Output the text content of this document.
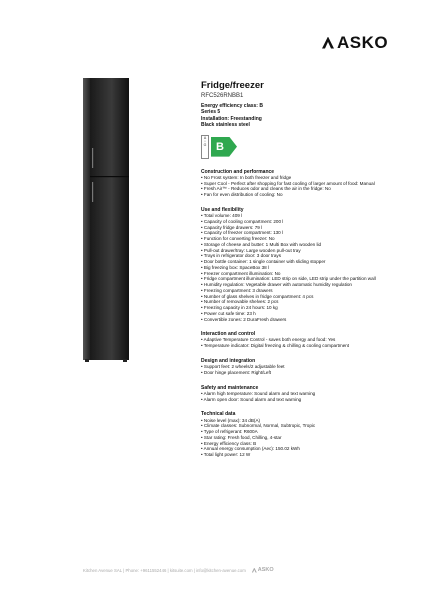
ASKO
Fridge/freezer
RFC526RNBB1
Energy efficiency class: B
Series 5
Installation: Freestanding
Black stainless steel
A
↓
G B
Construction and performance
• No Frost system: In both freezer and fridge
• Super Cool - Perfect after shopping for fast cooling of larger amount of food: Manual
• Fresh Air™ - Reduces odor and cleans the air in the fridge: No
• Fan for even distribution of cooling: No
Use and flexibility
• Total volume: 409 l
• Capacity of cooling compartment: 200 l
• Capacity fridge drawers: 79 l
• Capacity of freezer compartment: 130 l
• Function for converting freezer: No
• Storage of cheese and butter: 1 Multi Box with wooden lid
• Pull-out drawer/tray: Large wooden pull-out tray
• Trays in refrigerator door: 3 door trays
• Door bottle container: 1 single container with sliding stopper
• Big freezing box: SpaceBox 38 l
• Freezer compartment illumination: No
• Fridge compartment illumination: LED strip on side, LED strip under the partition wall
• Humidity regulation: Vegetable drawer with automatic humidity regulation
• Freezing compartment: 3 drawers
• Number of glass shelves in fridge compartment: 4 pcs
• Number of removable shelves: 2 pcs
• Freezing capacity in 24 hours: 10 kg
• Power cut safe time: 23 h
• Convertible zones: 2 DuraFresh drawers
Interaction and control
• Adaptive Temperature Control - saves both energy and food: Yes
• Temperature indicator: Digital freezing & chilling & cooling compartment
Design and integration
• Support feet: 2 wheels/2 adjustable feet
• Door hinge placement: Right/Left
Safety and maintenance
• Alarm high temperature: Sound alarm and text warning
• Alarm open door: Sound alarm and text warning
Technical data
• Noise level (max): 34 dB(A)
• Climate classes: Subnormal, Normal, Subtropic, Tropic
• Type of refrigerant: R600A
• Star rating: Fresh food, Chilling, 4-star
• Energy efficiency class: B
• Annual energy consumption (Aec): 150.02 kWh
• Total light power: 12 W
Kitchen Avenue SAL | Phone: +9611552446 | kitsuite.com | info@kitchen-avenue.com ASKO
